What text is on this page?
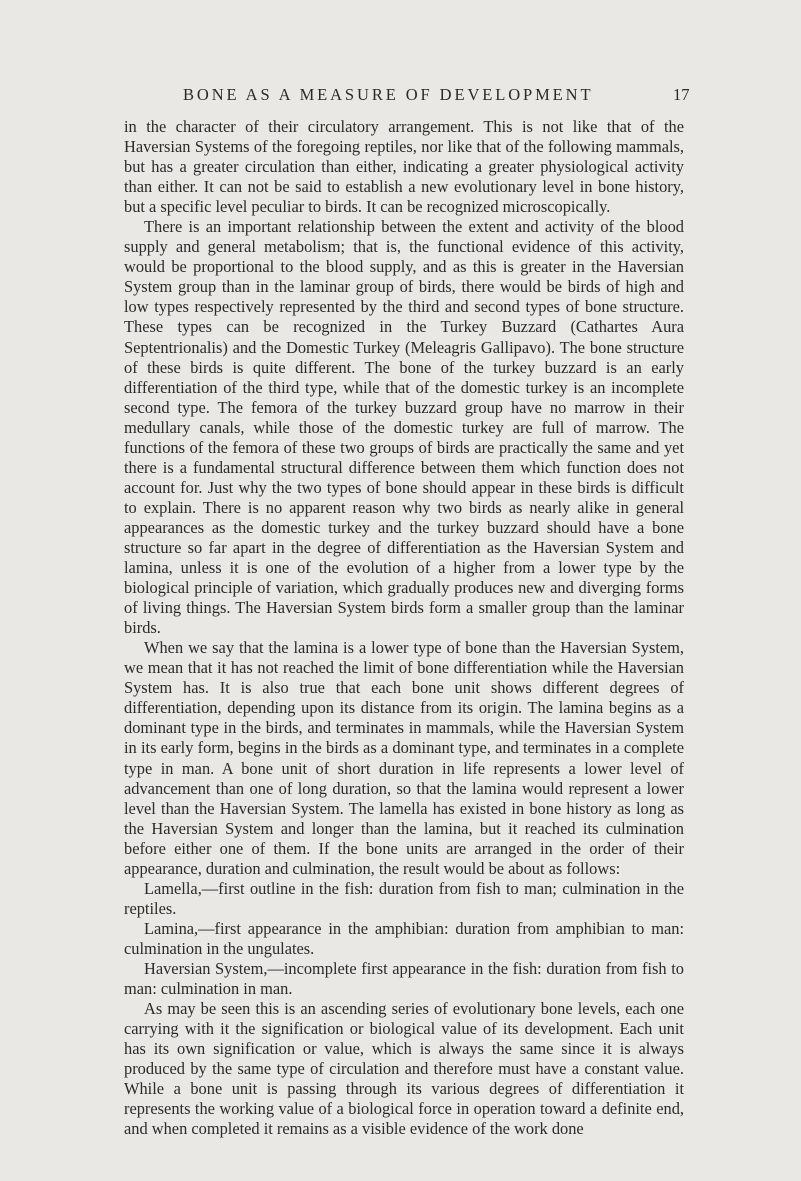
BONE AS A MEASURE OF DEVELOPMENT	17

in the character of their circulatory arrangement. This is not like that of the Haversian Systems of the foregoing reptiles, nor like that of the following mammals, but has a greater circulation than either, indicating a greater physiological activity than either. It can not be said to establish a new evolutionary level in bone history, but a specific level peculiar to birds. It can be recognized microscopically.

There is an important relationship between the extent and activity of the blood supply and general metabolism; that is, the functional evidence of this activity, would be proportional to the blood supply, and as this is greater in the Haversian System group than in the laminar group of birds, there would be birds of high and low types respectively represented by the third and second types of bone structure. These types can be recognized in the Turkey Buzzard (Cathartes Aura Septentrionalis) and the Domestic Turkey (Meleagris Gallipavo). The bone structure of these birds is quite different. The bone of the turkey buzzard is an early differentiation of the third type, while that of the domestic turkey is an incomplete second type. The femora of the turkey buzzard group have no marrow in their medullary canals, while those of the domestic turkey are full of marrow. The functions of the femora of these two groups of birds are practically the same and yet there is a fundamental structural difference between them which function does not account for. Just why the two types of bone should appear in these birds is difficult to explain. There is no apparent reason why two birds as nearly alike in general appearances as the domestic turkey and the turkey buzzard should have a bone structure so far apart in the degree of differentiation as the Haversian System and lamina, unless it is one of the evolution of a higher from a lower type by the biological principle of variation, which gradually produces new and diverging forms of living things. The Haversian System birds form a smaller group than the laminar birds.

When we say that the lamina is a lower type of bone than the Haversian System, we mean that it has not reached the limit of bone differentiation while the Haversian System has. It is also true that each bone unit shows different degrees of differentiation, depending upon its distance from its origin. The lamina begins as a dominant type in the birds, and terminates in mammals, while the Haversian System in its early form, begins in the birds as a dominant type, and terminates in a complete type in man. A bone unit of short duration in life represents a lower level of advancement than one of long duration, so that the lamina would represent a lower level than the Haversian System. The lamella has existed in bone history as long as the Haversian System and longer than the lamina, but it reached its culmination before either one of them. If the bone units are arranged in the order of their appearance, duration and culmination, the result would be about as follows:

Lamella,—first outline in the fish: duration from fish to man; culmination in the reptiles.

Lamina,—first appearance in the amphibian: duration from amphibian to man: culmination in the ungulates.

Haversian System,—incomplete first appearance in the fish: duration from fish to man: culmination in man.

As may be seen this is an ascending series of evolutionary bone levels, each one carrying with it the signification or biological value of its development. Each unit has its own signification or value, which is always the same since it is always produced by the same type of circulation and therefore must have a constant value. While a bone unit is passing through its various degrees of differentiation it represents the working value of a biological force in operation toward a definite end, and when completed it remains as a visible evidence of the work done
